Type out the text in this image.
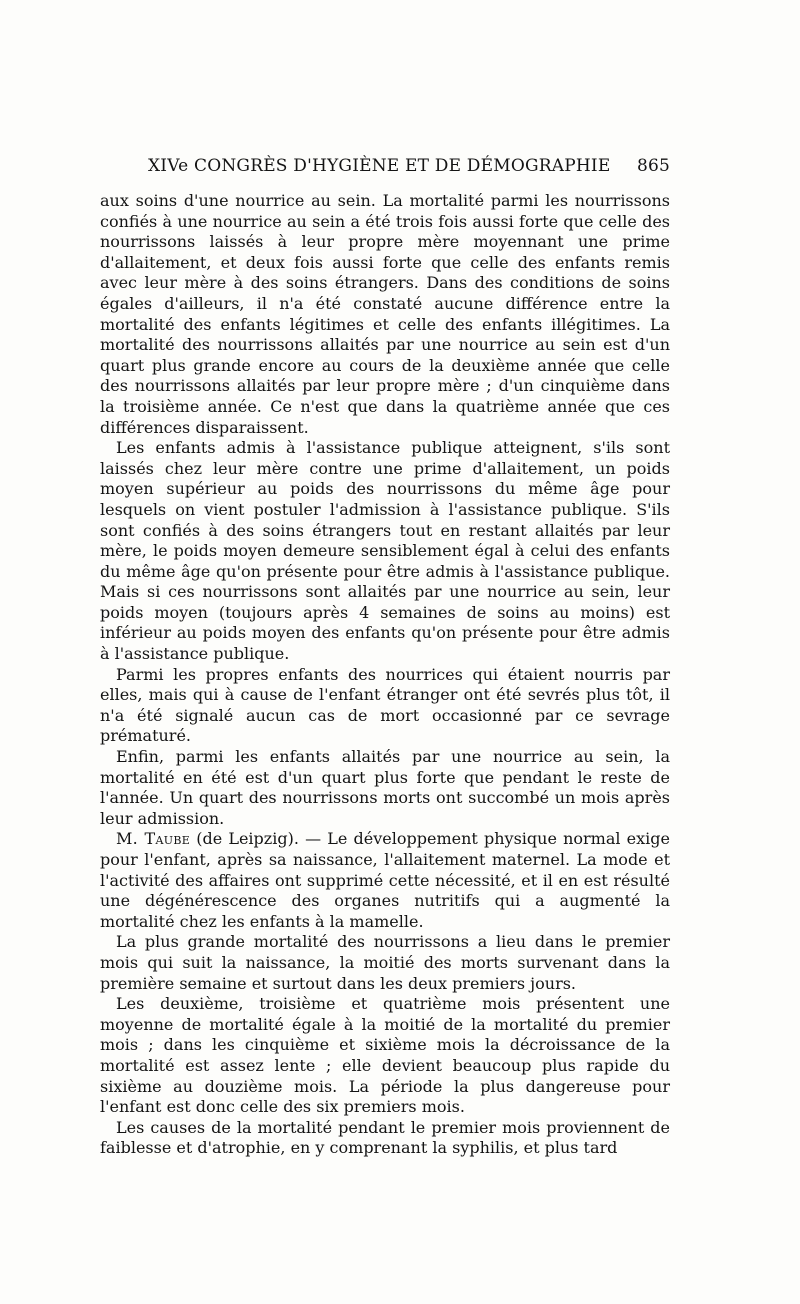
XIVe CONGRÈS D'HYGIÈNE ET DE DÉMOGRAPHIE 865

aux soins d'une nourrice au sein. La mortalité parmi les nourrissons confiés à une nourrice au sein a été trois fois aussi forte que celle des nourrissons laissés à leur propre mère moyennant une prime d'allaitement, et deux fois aussi forte que celle des enfants remis avec leur mère à des soins étrangers. Dans des conditions de soins égales d'ailleurs, il n'a été constaté aucune différence entre la mortalité des enfants légitimes et celle des enfants illégitimes. La mortalité des nourrissons allaités par une nourrice au sein est d'un quart plus grande encore au cours de la deuxième année que celle des nourrissons allaités par leur propre mère ; d'un cinquième dans la troisième année. Ce n'est que dans la quatrième année que ces différences disparaissent.

Les enfants admis à l'assistance publique atteignent, s'ils sont laissés chez leur mère contre une prime d'allaitement, un poids moyen supérieur au poids des nourrissons du même âge pour lesquels on vient postuler l'admission à l'assistance publique. S'ils sont confiés à des soins étrangers tout en restant allaités par leur mère, le poids moyen demeure sensiblement égal à celui des enfants du même âge qu'on présente pour être admis à l'assistance publique. Mais si ces nourrissons sont allaités par une nourrice au sein, leur poids moyen (toujours après 4 semaines de soins au moins) est inférieur au poids moyen des enfants qu'on présente pour être admis à l'assistance publique.

Parmi les propres enfants des nourrices qui étaient nourris par elles, mais qui à cause de l'enfant étranger ont été sevrés plus tôt, il n'a été signalé aucun cas de mort occasionné par ce sevrage prématuré.

Enfin, parmi les enfants allaités par une nourrice au sein, la mortalité en été est d'un quart plus forte que pendant le reste de l'année. Un quart des nourrissons morts ont succombé un mois après leur admission.

M. Taube (de Leipzig). — Le développement physique normal exige pour l'enfant, après sa naissance, l'allaitement maternel. La mode et l'activité des affaires ont supprimé cette nécessité, et il en est résulté une dégénérescence des organes nutritifs qui a augmenté la mortalité chez les enfants à la mamelle.

La plus grande mortalité des nourrissons a lieu dans le premier mois qui suit la naissance, la moitié des morts survenant dans la première semaine et surtout dans les deux premiers jours.

Les deuxième, troisième et quatrième mois présentent une moyenne de mortalité égale à la moitié de la mortalité du premier mois ; dans les cinquième et sixième mois la décroissance de la mortalité est assez lente ; elle devient beaucoup plus rapide du sixième au douzième mois. La période la plus dangereuse pour l'enfant est donc celle des six premiers mois.

Les causes de la mortalité pendant le premier mois proviennent de faiblesse et d'atrophie, en y comprenant la syphilis, et plus tard
